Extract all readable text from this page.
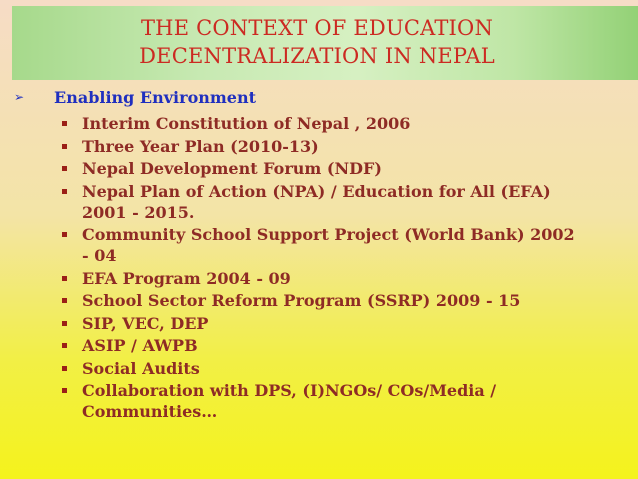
THE CONTEXT OF EDUCATION
DECENTRALIZATION IN NEPAL
➢ Enabling Environment
Interim Constitution of Nepal , 2006
Three Year Plan (2010-13)
Nepal Development Forum (NDF)
Nepal Plan of Action (NPA) / Education for All (EFA)
2001 - 2015.
Community School Support Project (World Bank) 2002
- 04
EFA Program 2004 - 09
School Sector Reform Program (SSRP) 2009 - 15
SIP, VEC, DEP
ASIP / AWPB
Social Audits
Collaboration with DPS, (I)NGOs/ COs/Media /
Communities…
